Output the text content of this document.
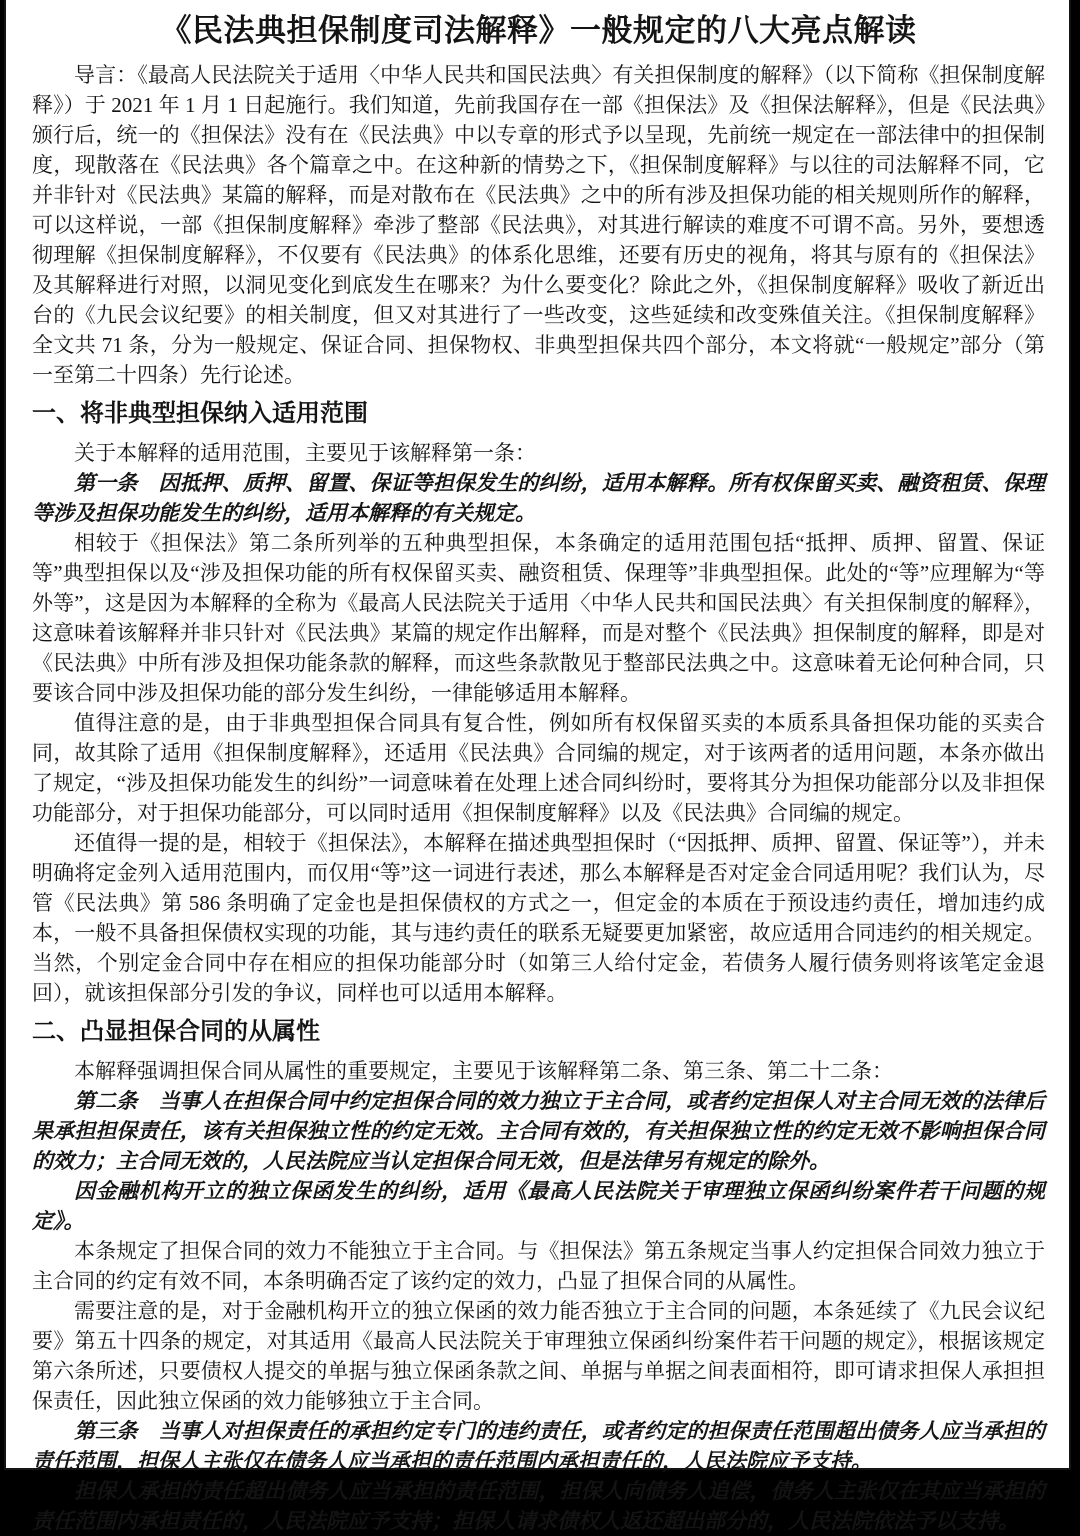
《民法典担保制度司法解释》一般规定的八大亮点解读

导言：《最高人民法院关于适用〈中华人民共和国民法典〉有关担保制度的解释》（以下简称《担保制度解释》）于 2021 年 1 月 1 日起施行。我们知道，先前我国存在一部《担保法》及《担保法解释》，但是《民法典》颁行后，统一的《担保法》没有在《民法典》中以专章的形式予以呈现，先前统一规定在一部法律中的担保制度，现散落在《民法典》各个篇章之中。在这种新的情势之下，《担保制度解释》与以往的司法解释不同，它并非针对《民法典》某篇的解释，而是对散布在《民法典》之中的所有涉及担保功能的相关规则所作的解释，可以这样说，一部《担保制度解释》牵涉了整部《民法典》，对其进行解读的难度不可谓不高。另外，要想透彻理解《担保制度解释》，不仅要有《民法典》的体系化思维，还要有历史的视角，将其与原有的《担保法》及其解释进行对照，以洞见变化到底发生在哪来？为什么要变化？除此之外，《担保制度解释》吸收了新近出台的《九民会议纪要》的相关制度，但又对其进行了一些改变，这些延续和改变殊值关注。《担保制度解释》全文共 71 条，分为一般规定、保证合同、担保物权、非典型担保共四个部分，本文将就“一般规定”部分（第一至第二十四条）先行论述。

一、将非典型担保纳入适用范围

关于本解释的适用范围，主要见于该解释第一条：

第一条　因抵押、质押、留置、保证等担保发生的纠纷，适用本解释。所有权保留买卖、融资租赁、保理等涉及担保功能发生的纠纷，适用本解释的有关规定。

相较于《担保法》第二条所列举的五种典型担保，本条确定的适用范围包括“抵押、质押、留置、保证等”典型担保以及“涉及担保功能的所有权保留买卖、融资租赁、保理等”非典型担保。此处的“等”应理解为“等外等”，这是因为本解释的全称为《最高人民法院关于适用〈中华人民共和国民法典〉有关担保制度的解释》，这意味着该解释并非只针对《民法典》某篇的规定作出解释，而是对整个《民法典》担保制度的解释，即是对《民法典》中所有涉及担保功能条款的解释，而这些条款散见于整部民法典之中。这意味着无论何种合同，只要该合同中涉及担保功能的部分发生纠纷，一律能够适用本解释。

值得注意的是，由于非典型担保合同具有复合性，例如所有权保留买卖的本质系具备担保功能的买卖合同，故其除了适用《担保制度解释》，还适用《民法典》合同编的规定，对于该两者的适用问题，本条亦做出了规定，“涉及担保功能发生的纠纷”一词意味着在处理上述合同纠纷时，要将其分为担保功能部分以及非担保功能部分，对于担保功能部分，可以同时适用《担保制度解释》以及《民法典》合同编的规定。

还值得一提的是，相较于《担保法》，本解释在描述典型担保时（“因抵押、质押、留置、保证等”），并未明确将定金列入适用范围内，而仅用“等”这一词进行表述，那么本解释是否对定金合同适用呢？我们认为，尽管《民法典》第 586 条明确了定金也是担保债权的方式之一，但定金的本质在于预设违约责任，增加违约成本，一般不具备担保债权实现的功能，其与违约责任的联系无疑要更加紧密，故应适用合同违约的相关规定。当然，个别定金合同中存在相应的担保功能部分时（如第三人给付定金，若债务人履行债务则将该笔定金退回），就该担保部分引发的争议，同样也可以适用本解释。

二、凸显担保合同的从属性

本解释强调担保合同从属性的重要规定，主要见于该解释第二条、第三条、第二十二条：

第二条　当事人在担保合同中约定担保合同的效力独立于主合同，或者约定担保人对主合同无效的法律后果承担担保责任，该有关担保独立性的约定无效。主合同有效的，有关担保独立性的约定无效不影响担保合同的效力；主合同无效的，人民法院应当认定担保合同无效，但是法律另有规定的除外。

因金融机构开立的独立保函发生的纠纷，适用《最高人民法院关于审理独立保函纠纷案件若干问题的规定》。

本条规定了担保合同的效力不能独立于主合同。与《担保法》第五条规定当事人约定担保合同效力独立于主合同的约定有效不同，本条明确否定了该约定的效力，凸显了担保合同的从属性。

需要注意的是，对于金融机构开立的独立保函的效力能否独立于主合同的问题，本条延续了《九民会议纪要》第五十四条的规定，对其适用《最高人民法院关于审理独立保函纠纷案件若干问题的规定》，根据该规定第六条所述，只要债权人提交的单据与独立保函条款之间、单据与单据之间表面相符，即可请求担保人承担担保责任，因此独立保函的效力能够独立于主合同。

第三条　当事人对担保责任的承担约定专门的违约责任，或者约定的担保责任范围超出债务人应当承担的责任范围，担保人主张仅在债务人应当承担的责任范围内承担责任的，人民法院应予支持。

担保人承担的责任超出债务人应当承担的责任范围，担保人向债务人追偿，债务人主张仅在其应当承担的责任范围内承担责任的，人民法院应予支持；担保人请求债权人返还超出部分的，人民法院依法予以支持。
